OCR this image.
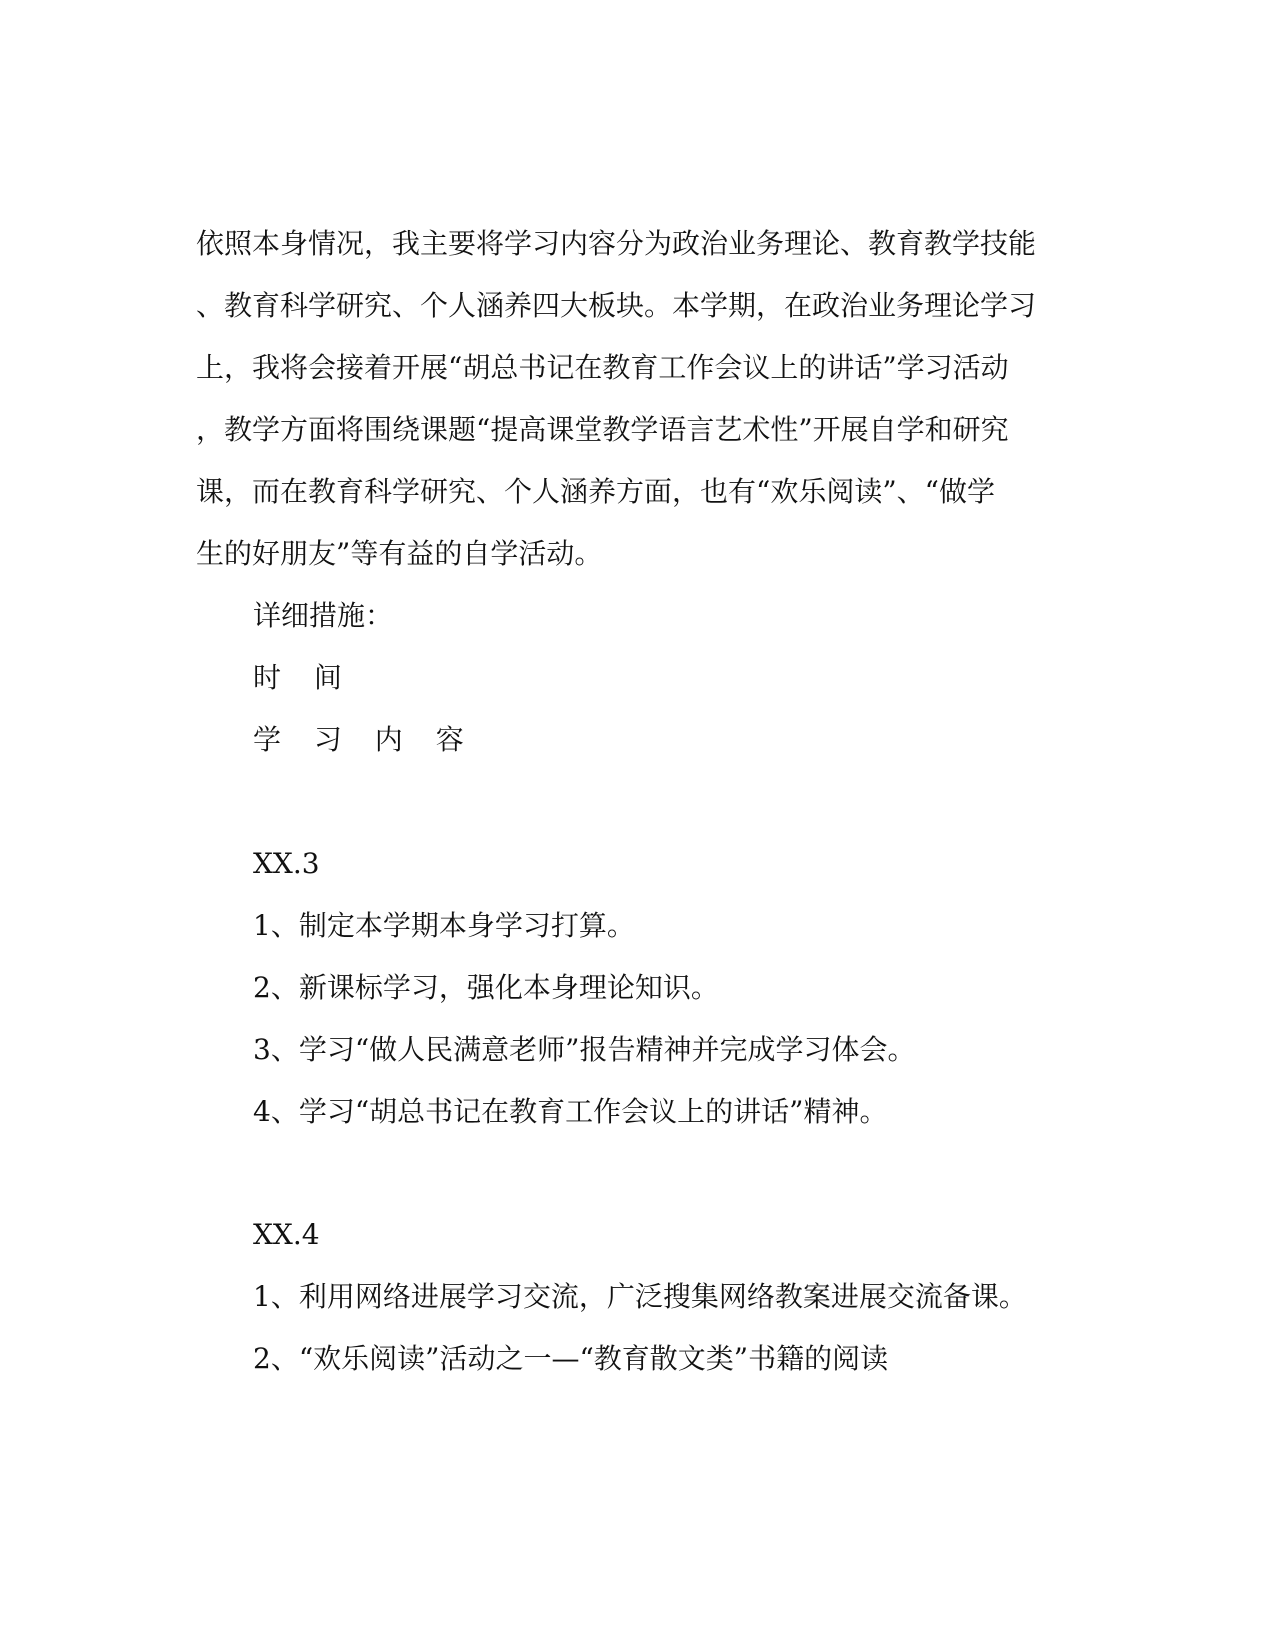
依照本身情况，我主要将学习内容分为政治业务理论、教育教学技能
、教育科学研究、个人涵养四大板块。本学期，在政治业务理论学习
上，我将会接着开展“胡总书记在教育工作会议上的讲话”学习活动
，教学方面将围绕课题“提高课堂教学语言艺术性”开展自学和研究
课，而在教育科学研究、个人涵养方面，也有“欢乐阅读”、“做学
生的好朋友”等有益的自学活动。
详细措施：
时 间
学 习 内 容
XX.3
1、制定本学期本身学习打算。
2、新课标学习，强化本身理论知识。
3、学习“做人民满意老师”报告精神并完成学习体会。
4、学习“胡总书记在教育工作会议上的讲话”精神。
XX.4
1、利用网络进展学习交流，广泛搜集网络教案进展交流备课。
2、“欢乐阅读”活动之一—“教育散文类”书籍的阅读
